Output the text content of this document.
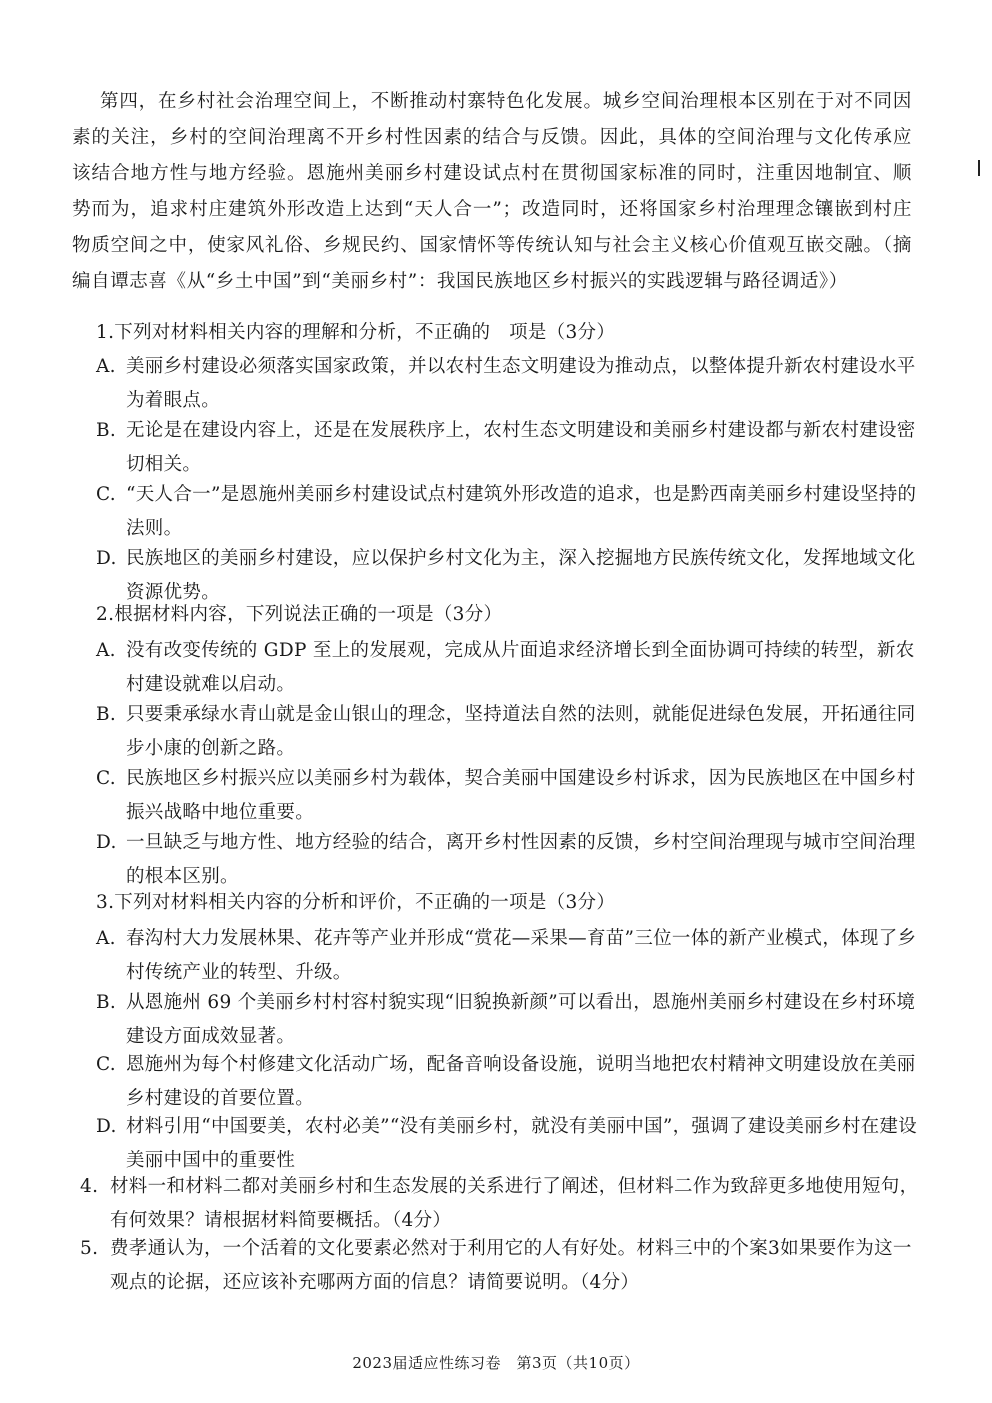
第四，在乡村社会治理空间上，不断推动村寨特色化发展。城乡空间治理根本区别在于对不同因素的关注，乡村的空间治理离不开乡村性因素的结合与反馈。因此，具体的空间治理与文化传承应该结合地方性与地方经验。恩施州美丽乡村建设试点村在贯彻国家标准的同时，注重因地制宜、顺势而为，追求村庄建筑外形改造上达到“天人合一”；改造同时，还将国家乡村治理理念镶嵌到村庄物质空间之中，使家风礼俗、乡规民约、国家情怀等传统认知与社会主义核心价值观互嵌交融。（摘编自谭志喜《从“乡土中国”到“美丽乡村”：我国民族地区乡村振兴的实践逻辑与路径调适》）
1.下列对材料相关内容的理解和分析，不正确的　项是（3分）
A. 美丽乡村建设必须落实国家政策，并以农村生态文明建设为推动点，以整体提升新农村建设水平为着眼点。
B. 无论是在建设内容上，还是在发展秩序上，农村生态文明建设和美丽乡村建设都与新农村建设密切相关。
C. “天人合一”是恩施州美丽乡村建设试点村建筑外形改造的追求，也是黔西南美丽乡村建设坚持的法则。
D. 民族地区的美丽乡村建设，应以保护乡村文化为主，深入挖掘地方民族传统文化，发挥地域文化资源优势。
2.根据材料内容，下列说法正确的一项是（3分）
A. 没有改变传统的 GDP 至上的发展观，完成从片面追求经济增长到全面协调可持续的转型，新农村建设就难以启动。
B. 只要秉承绿水青山就是金山银山的理念，坚持道法自然的法则，就能促进绿色发展，开拓通往同步小康的创新之路。
C. 民族地区乡村振兴应以美丽乡村为载体，契合美丽中国建设乡村诉求，因为民族地区在中国乡村振兴战略中地位重要。
D. 一旦缺乏与地方性、地方经验的结合，离开乡村性因素的反馈，乡村空间治理现与城市空间治理的根本区别。
3.下列对材料相关内容的分析和评价，不正确的一项是（3分）
A. 春沟村大力发展林果、花卉等产业并形成“赏花—采果—育苗”三位一体的新产业模式，体现了乡村传统产业的转型、升级。
B. 从恩施州 69 个美丽乡村村容村貌实现“旧貌换新颜”可以看出，恩施州美丽乡村建设在乡村环境建设方面成效显著。
C. 恩施州为每个村修建文化活动广场，配备音响设备设施，说明当地把农村精神文明建设放在美丽乡村建设的首要位置。
D. 材料引用“中国要美，农村必美”“没有美丽乡村，就没有美丽中国”，强调了建设美丽乡村在建设美丽中国中的重要性
4. 材料一和材料二都对美丽乡村和生态发展的关系进行了阐述，但材料二作为致辞更多地使用短句，有何效果？请根据材料简要概括。（4分）
5. 费孝通认为，一个活着的文化要素必然对于利用它的人有好处。材料三中的个案3如果要作为这一观点的论据，还应该补充哪两方面的信息？请简要说明。（4分）
2023届适应性练习卷　第3页（共10页）
